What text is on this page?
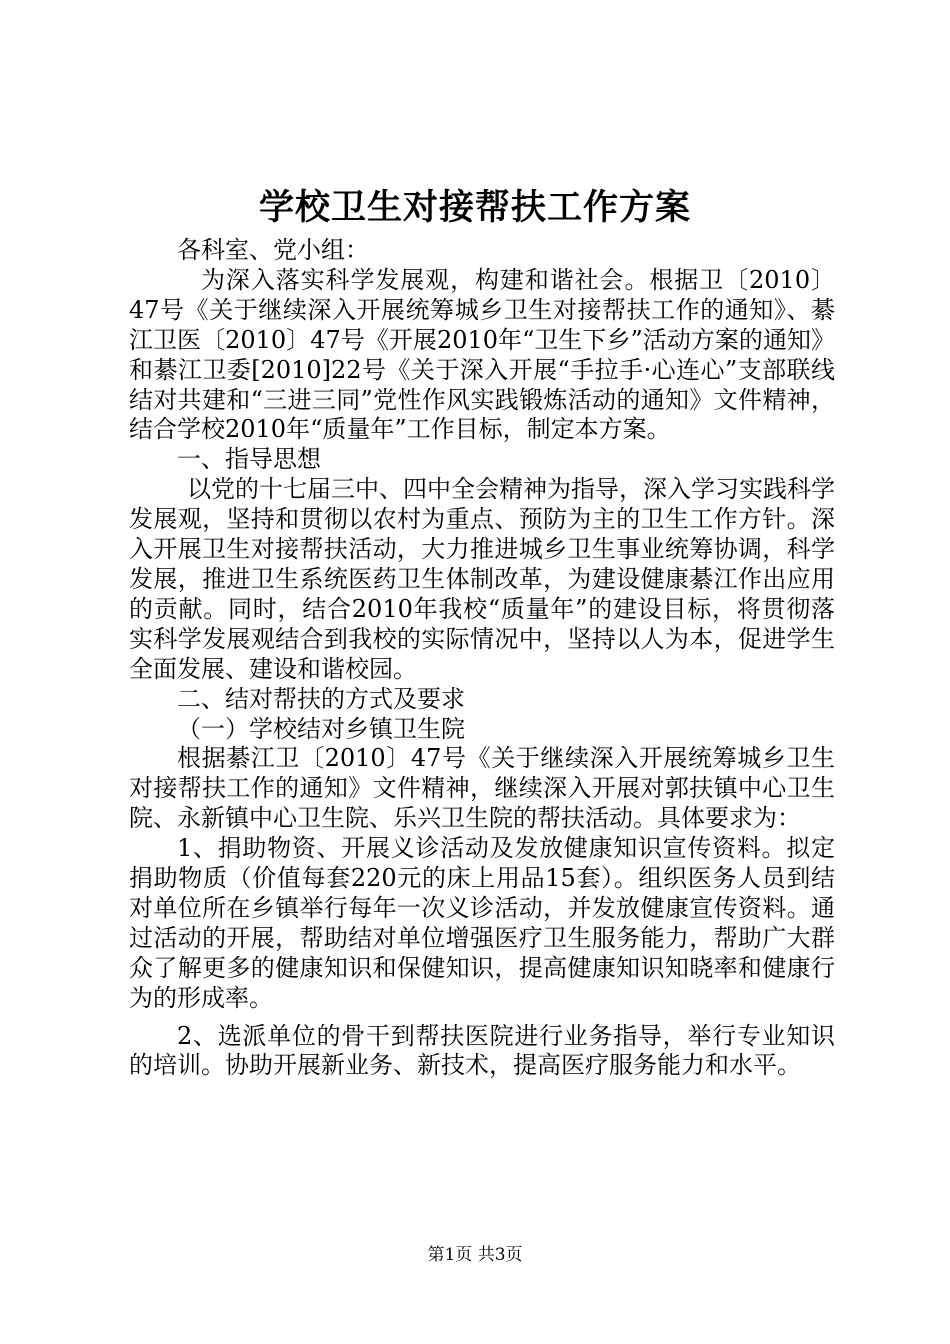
学校卫生对接帮扶工作方案

各科室、党小组：

为深入落实科学发展观，构建和谐社会。根据卫〔2010〕47号《关于继续深入开展统筹城乡卫生对接帮扶工作的通知》、綦江卫医〔2010〕47号《开展2010年“卫生下乡”活动方案的通知》和綦江卫委[2010]22号《关于深入开展“手拉手·心连心”支部联线结对共建和“三进三同”党性作风实践锻炼活动的通知》文件精神，结合学校2010年“质量年”工作目标，制定本方案。

一、指导思想

以党的十七届三中、四中全会精神为指导，深入学习实践科学发展观，坚持和贯彻以农村为重点、预防为主的卫生工作方针。深入开展卫生对接帮扶活动，大力推进城乡卫生事业统筹协调，科学发展，推进卫生系统医药卫生体制改革，为建设健康綦江作出应用的贡献。同时，结合2010年我校“质量年”的建设目标，将贯彻落实科学发展观结合到我校的实际情况中，坚持以人为本，促进学生全面发展、建设和谐校园。

二、结对帮扶的方式及要求

（一）学校结对乡镇卫生院

根据綦江卫〔2010〕47号《关于继续深入开展统筹城乡卫生对接帮扶工作的通知》文件精神，继续深入开展对郭扶镇中心卫生院、永新镇中心卫生院、乐兴卫生院的帮扶活动。具体要求为：

1、捐助物资、开展义诊活动及发放健康知识宣传资料。拟定捐助物质（价值每套220元的床上用品15套）。组织医务人员到结对单位所在乡镇举行每年一次义诊活动，并发放健康宣传资料。通过活动的开展，帮助结对单位增强医疗卫生服务能力，帮助广大群众了解更多的健康知识和保健知识，提高健康知识知晓率和健康行为的形成率。

2、选派单位的骨干到帮扶医院进行业务指导，举行专业知识的培训。协助开展新业务、新技术，提高医疗服务能力和水平。

第1页 共3页
